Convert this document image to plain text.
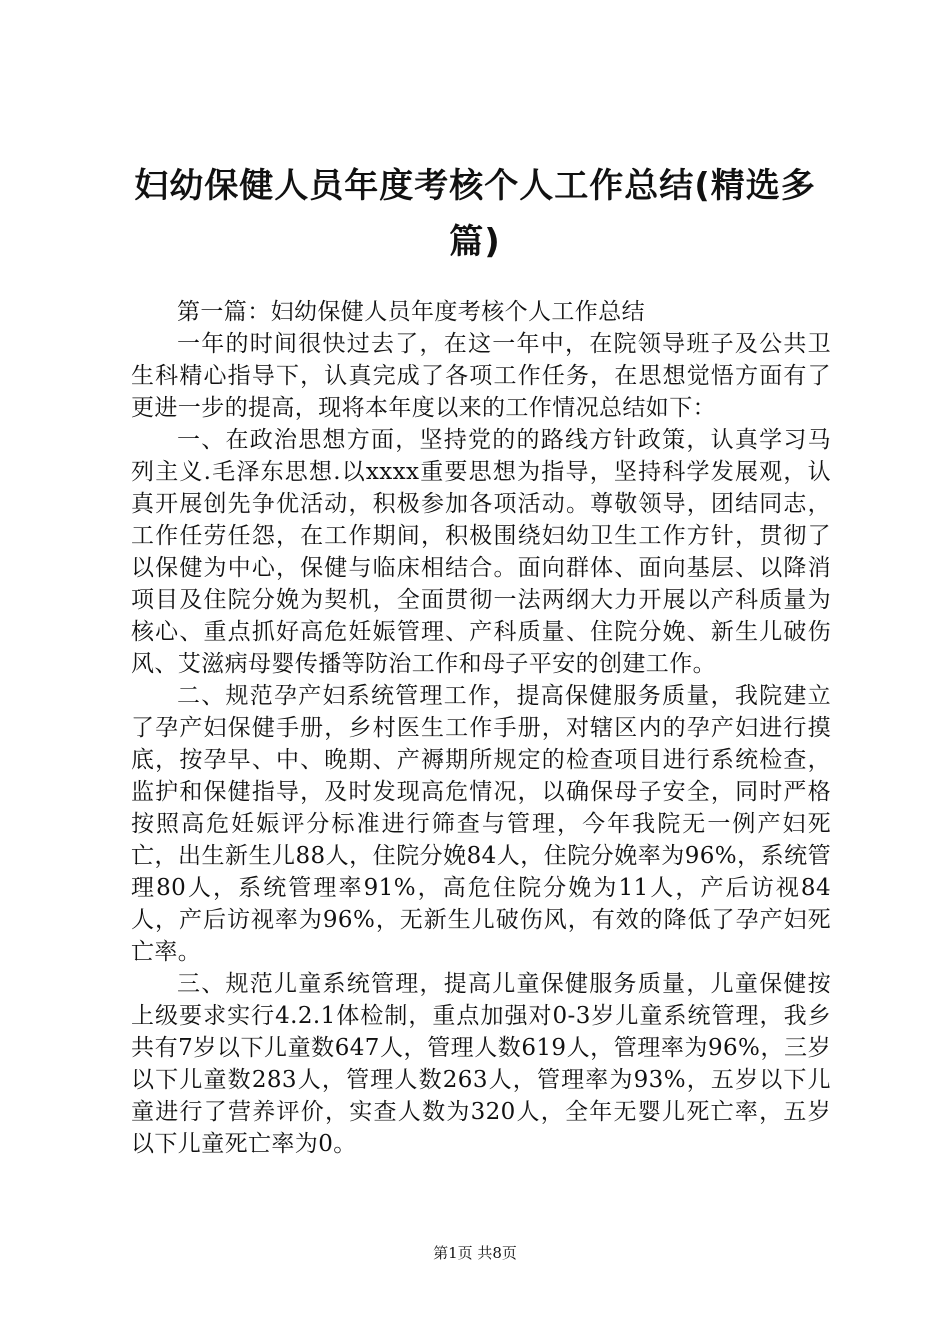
妇幼保健人员年度考核个人工作总结(精选多篇)

第一篇：妇幼保健人员年度考核个人工作总结

一年的时间很快过去了，在这一年中，在院领导班子及公共卫生科精心指导下，认真完成了各项工作任务，在思想觉悟方面有了更进一步的提高，现将本年度以来的工作情况总结如下：

一、在政治思想方面，坚持党的的路线方针政策，认真学习马列主义.毛泽东思想.以xxxx重要思想为指导，坚持科学发展观，认真开展创先争优活动，积极参加各项活动。尊敬领导，团结同志，工作任劳任怨，在工作期间，积极围绕妇幼卫生工作方针，贯彻了以保健为中心，保健与临床相结合。面向群体、面向基层、以降消项目及住院分娩为契机，全面贯彻一法两纲大力开展以产科质量为核心、重点抓好高危妊娠管理、产科质量、住院分娩、新生儿破伤风、艾滋病母婴传播等防治工作和母子平安的创建工作。

二、规范孕产妇系统管理工作，提高保健服务质量，我院建立了孕产妇保健手册，乡村医生工作手册，对辖区内的孕产妇进行摸底，按孕早、中、晚期、产褥期所规定的检查项目进行系统检查，监护和保健指导，及时发现高危情况，以确保母子安全，同时严格按照高危妊娠评分标准进行筛查与管理，今年我院无一例产妇死亡，出生新生儿88人，住院分娩84人，住院分娩率为96%，系统管理80人，系统管理率91%，高危住院分娩为11人，产后访视84人，产后访视率为96%，无新生儿破伤风，有效的降低了孕产妇死亡率。

三、规范儿童系统管理，提高儿童保健服务质量，儿童保健按上级要求实行4.2.1体检制，重点加强对0-3岁儿童系统管理，我乡共有7岁以下儿童数647人，管理人数619人，管理率为96%，三岁以下儿童数283人，管理人数263人，管理率为93%，五岁以下儿童进行了营养评价，实查人数为320人，全年无婴儿死亡率，五岁以下儿童死亡率为0。

第1页 共8页
